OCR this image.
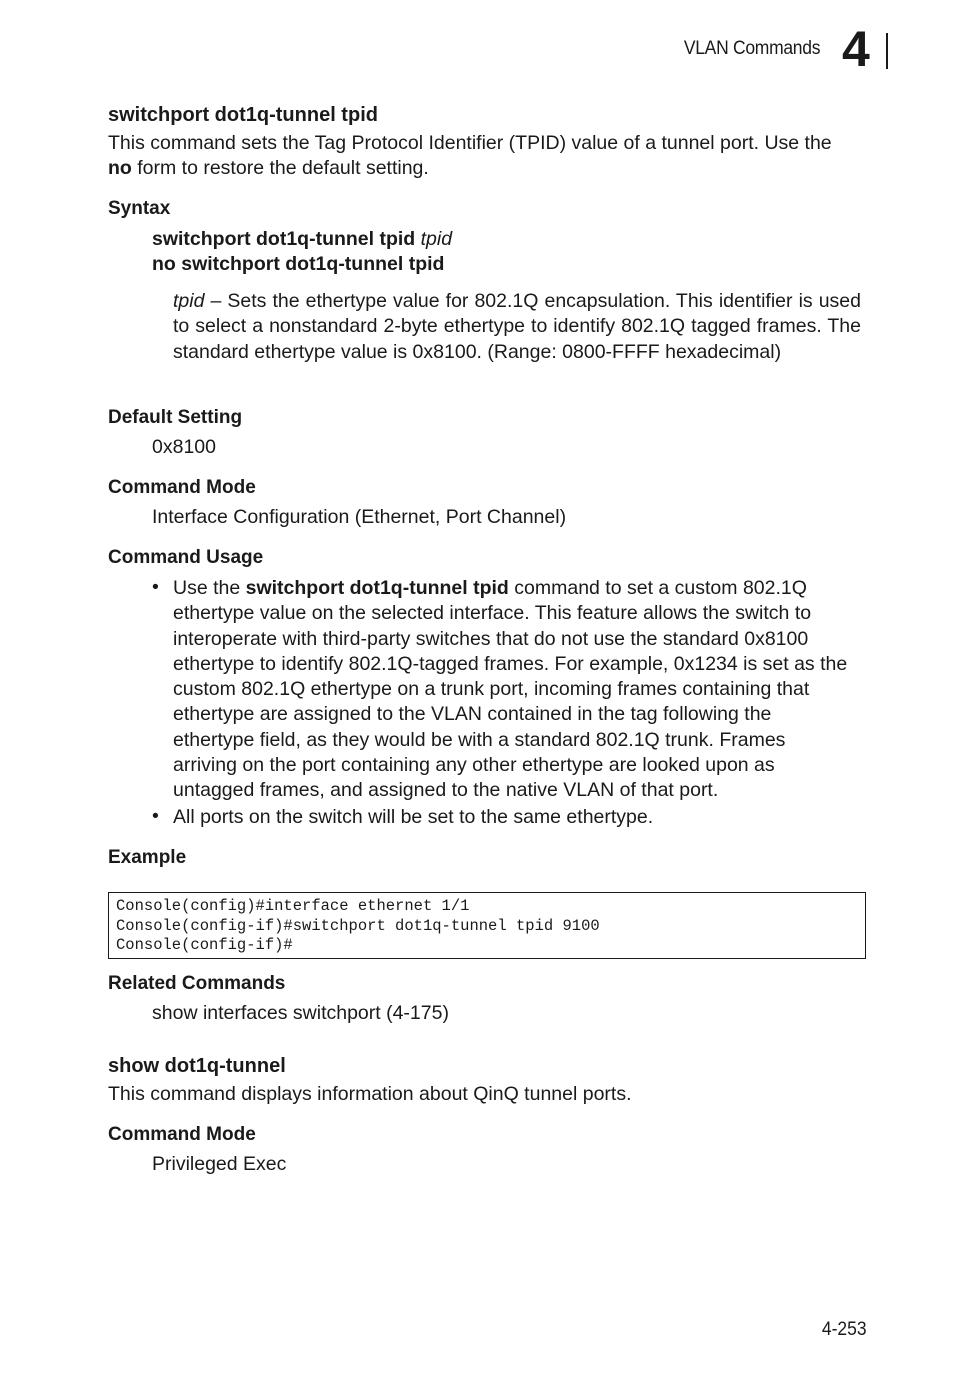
VLAN Commands 4
switchport dot1q-tunnel tpid
This command sets the Tag Protocol Identifier (TPID) value of a tunnel port. Use the
no form to restore the default setting.
Syntax
switchport dot1q-tunnel tpid tpid
no switchport dot1q-tunnel tpid
tpid – Sets the ethertype value for 802.1Q encapsulation. This identifier is used to select a nonstandard 2-byte ethertype to identify 802.1Q tagged frames. The standard ethertype value is 0x8100. (Range: 0800-FFFF hexadecimal)
Default Setting
0x8100
Command Mode
Interface Configuration (Ethernet, Port Channel)
Command Usage
• Use the switchport dot1q-tunnel tpid command to set a custom 802.1Q
ethertype value on the selected interface. This feature allows the switch to
interoperate with third-party switches that do not use the standard 0x8100
ethertype to identify 802.1Q-tagged frames. For example, 0x1234 is set as the
custom 802.1Q ethertype on a trunk port, incoming frames containing that
ethertype are assigned to the VLAN contained in the tag following the
ethertype field, as they would be with a standard 802.1Q trunk. Frames
arriving on the port containing any other ethertype are looked upon as
untagged frames, and assigned to the native VLAN of that port.
• All ports on the switch will be set to the same ethertype.
Example
Console(config)#interface ethernet 1/1
Console(config-if)#switchport dot1q-tunnel tpid 9100
Console(config-if)#
Related Commands
show interfaces switchport (4-175)
show dot1q-tunnel
This command displays information about QinQ tunnel ports.
Command Mode
Privileged Exec
4-253
